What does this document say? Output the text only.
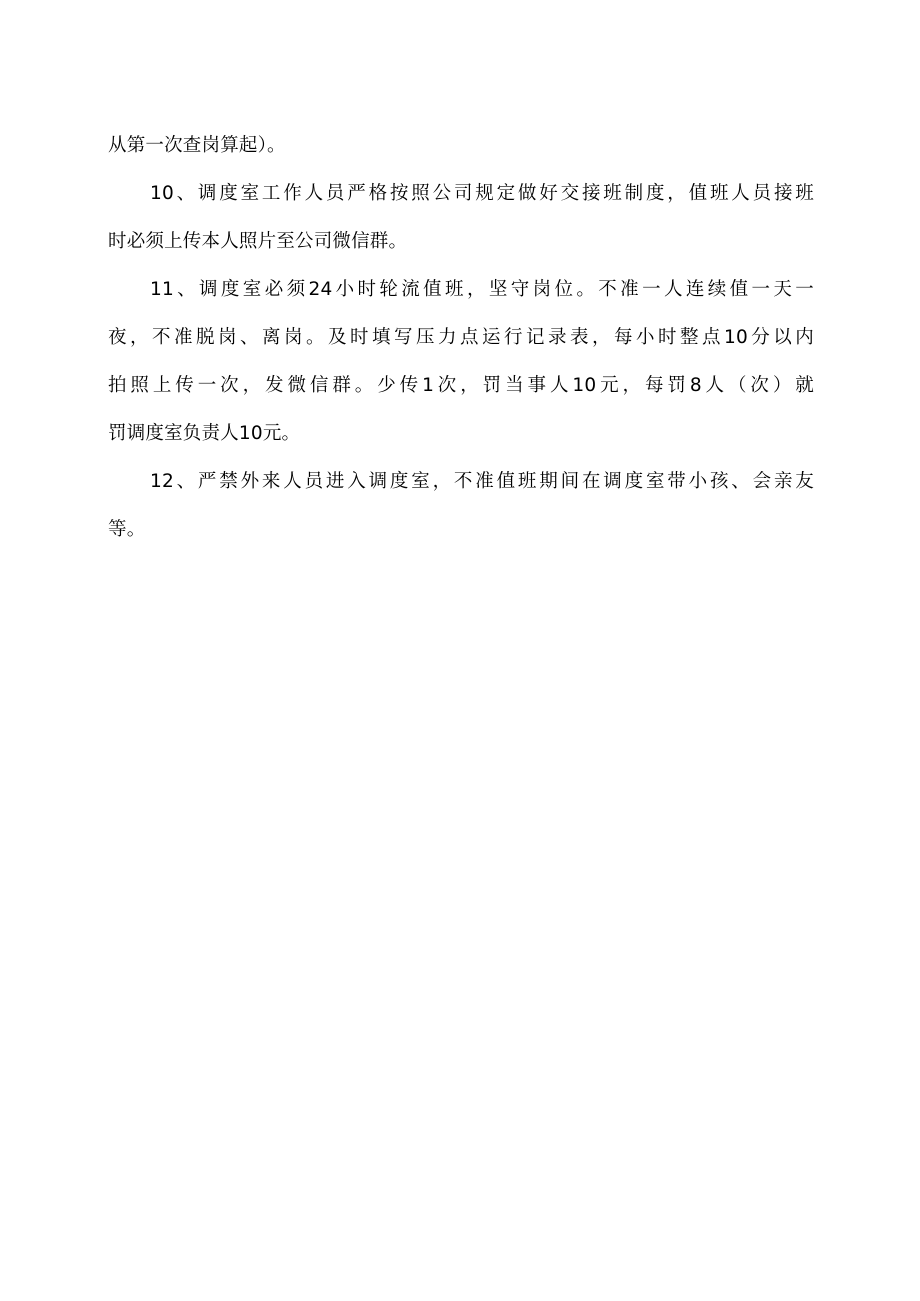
从第一次查岗算起）。
10、调度室工作人员严格按照公司规定做好交接班制度，值班人员接班
时必须上传本人照片至公司微信群。
11、调度室必须24小时轮流值班，坚守岗位。不准一人连续值一天一
夜，不准脱岗、离岗。及时填写压力点运行记录表，每小时整点10分以内
拍照上传一次，发微信群。少传1次，罚当事人10元，每罚8人（次）就
罚调度室负责人10元。
12、严禁外来人员进入调度室，不准值班期间在调度室带小孩、会亲友
等。
